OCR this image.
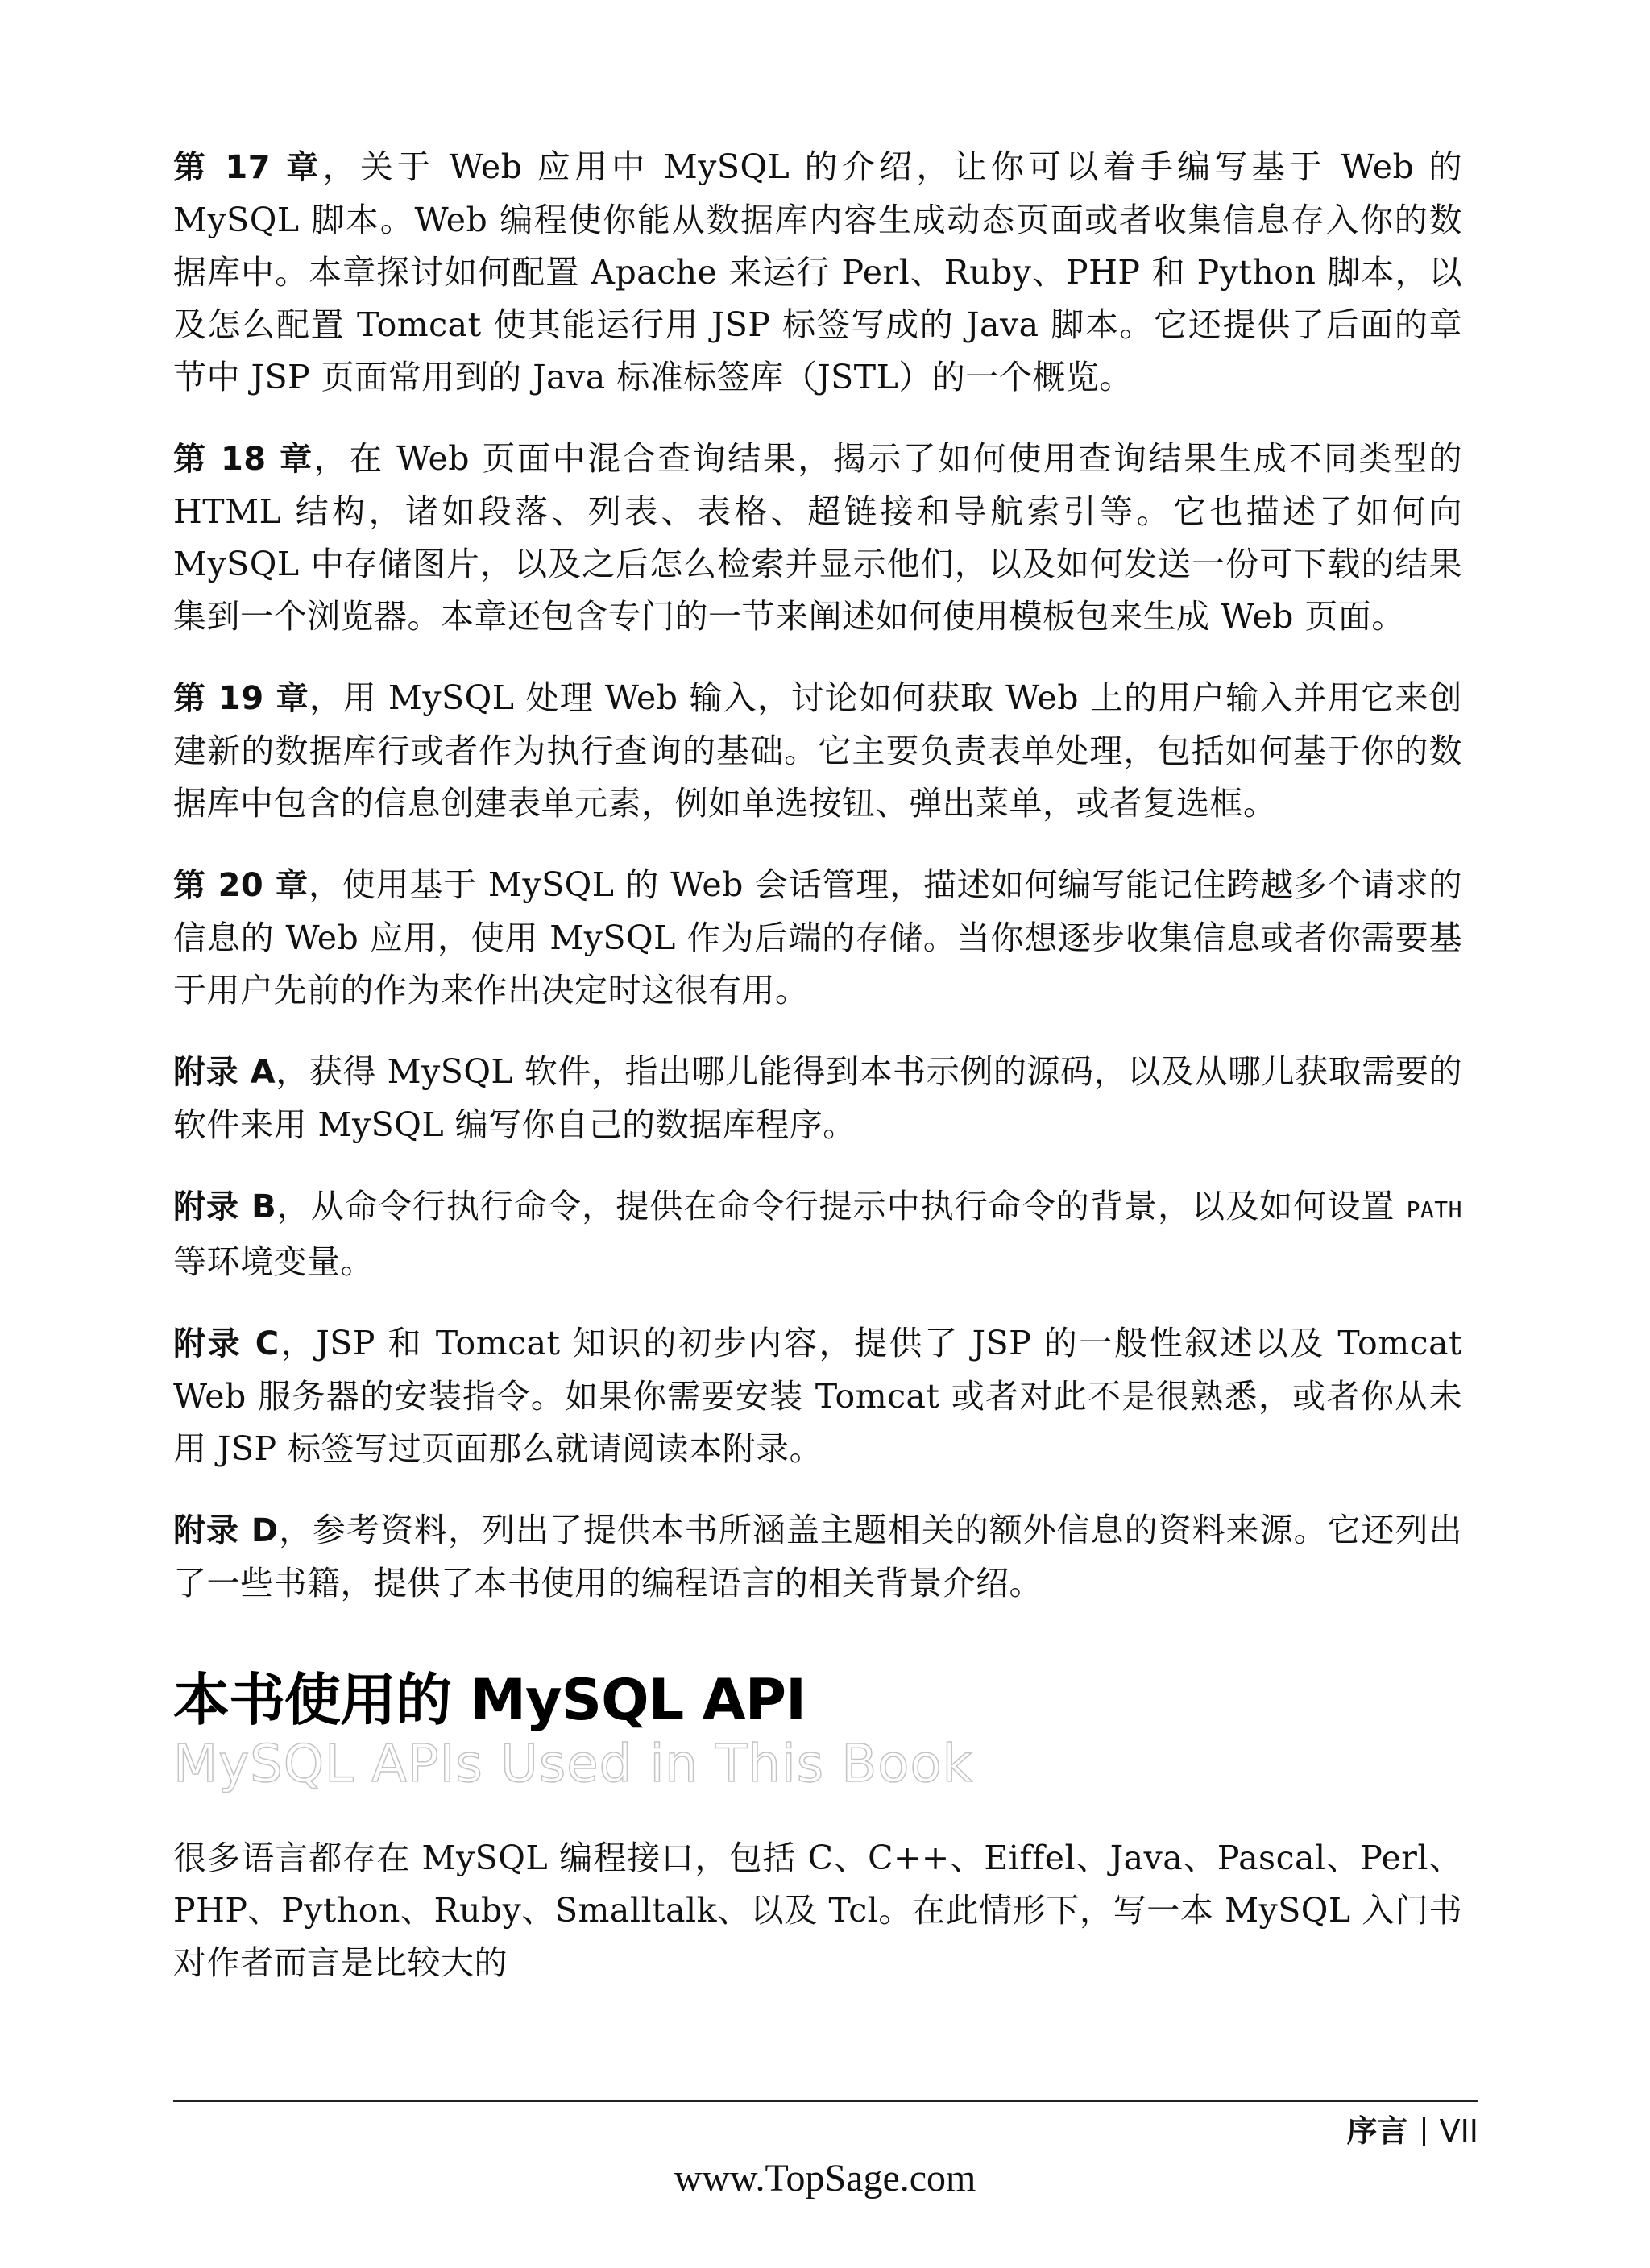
第 17 章，关于 Web 应用中 MySQL 的介绍，让你可以着手编写基于 Web 的 MySQL 脚本。Web 编程使你能从数据库内容生成动态页面或者收集信息存入你的数据库中。本章探讨如何配置 Apache 来运行 Perl、Ruby、PHP 和 Python 脚本，以及怎么配置 Tomcat 使其能运行用 JSP 标签写成的 Java 脚本。它还提供了后面的章节中 JSP 页面常用到的 Java 标准标签库（JSTL）的一个概览。

第 18 章，在 Web 页面中混合查询结果，揭示了如何使用查询结果生成不同类型的 HTML 结构，诸如段落、列表、表格、超链接和导航索引等。它也描述了如何向 MySQL 中存储图片，以及之后怎么检索并显示他们，以及如何发送一份可下载的结果集到一个浏览器。本章还包含专门的一节来阐述如何使用模板包来生成 Web 页面。

第 19 章，用 MySQL 处理 Web 输入，讨论如何获取 Web 上的用户输入并用它来创建新的数据库行或者作为执行查询的基础。它主要负责表单处理，包括如何基于你的数据库中包含的信息创建表单元素，例如单选按钮、弹出菜单，或者复选框。

第 20 章，使用基于 MySQL 的 Web 会话管理，描述如何编写能记住跨越多个请求的信息的 Web 应用，使用 MySQL 作为后端的存储。当你想逐步收集信息或者你需要基于用户先前的作为来作出决定时这很有用。

附录 A，获得 MySQL 软件，指出哪儿能得到本书示例的源码，以及从哪儿获取需要的软件来用 MySQL 编写你自己的数据库程序。

附录 B，从命令行执行命令，提供在命令行提示中执行命令的背景，以及如何设置 PATH 等环境变量。

附录 C，JSP 和 Tomcat 知识的初步内容，提供了 JSP 的一般性叙述以及 Tomcat Web 服务器的安装指令。如果你需要安装 Tomcat 或者对此不是很熟悉，或者你从未用 JSP 标签写过页面那么就请阅读本附录。

附录 D，参考资料，列出了提供本书所涵盖主题相关的额外信息的资料来源。它还列出了一些书籍，提供了本书使用的编程语言的相关背景介绍。

本书使用的 MySQL API
MySQL APIs Used in This Book

很多语言都存在 MySQL 编程接口，包括 C、C++、Eiffel、Java、Pascal、Perl、PHP、Python、Ruby、Smalltalk、以及 Tcl。在此情形下，写一本 MySQL 入门书对作者而言是比较大的

序言 VII
www.TopSage.com
